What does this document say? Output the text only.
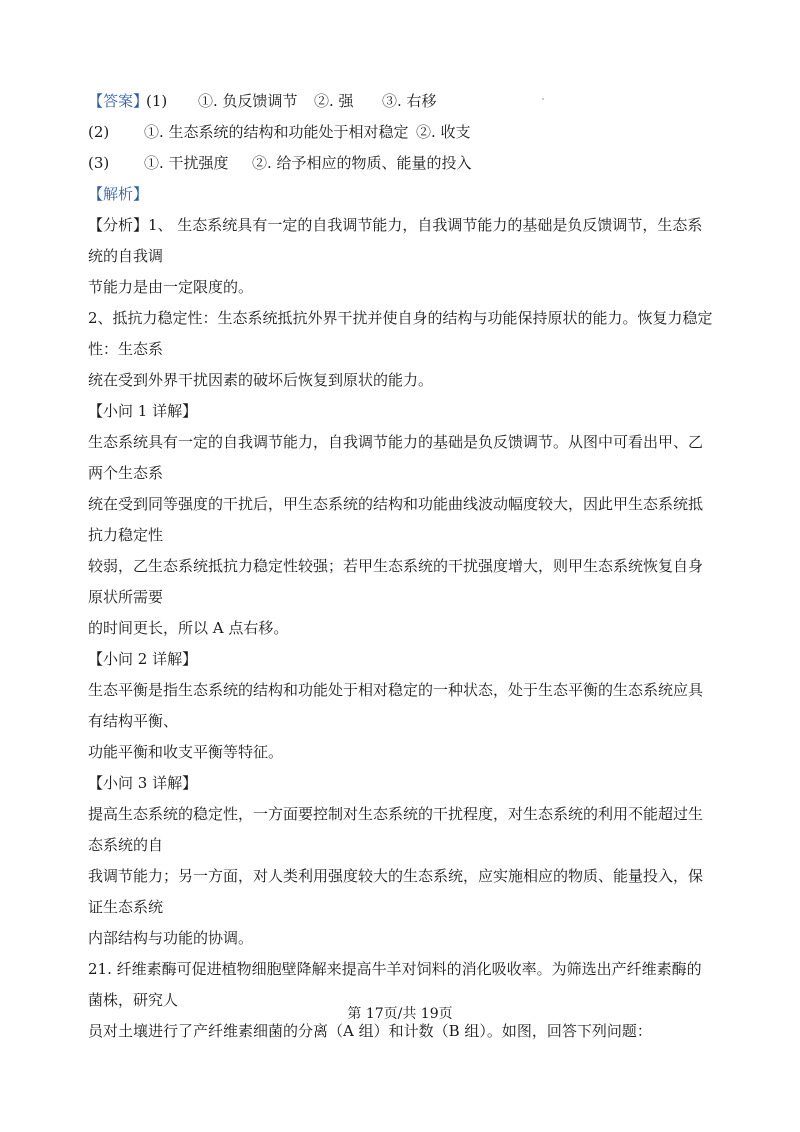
【答案】
(1) ①. 负反馈调节 ②. 强 ③. 右移
(2) ①. 生态系统的结构和功能处于相对稳定 ②. 收支
(3) ①. 干扰强度 ②. 给予相应的物质、能量的投入
【解析】

【分析】1、 生态系统具有一定的自我调节能力，自我调节能力的基础是负反馈调节，生态系统的自我调

节能力是由一定限度的。

2、抵抗力稳定性：生态系统抵抗外界干扰并使自身的结构与功能保持原状的能力。恢复力稳定性：生态系

统在受到外界干扰因素的破坏后恢复到原状的能力。

【小问 1 详解】

生态系统具有一定的自我调节能力，自我调节能力的基础是负反馈调节。从图中可看出甲、乙两个生态系

统在受到同等强度的干扰后，甲生态系统的结构和功能曲线波动幅度较大，因此甲生态系统抵抗力稳定性

较弱，乙生态系统抵抗力稳定性较强；若甲生态系统的干扰强度增大，则甲生态系统恢复自身原状所需要

的时间更长，所以 A 点右移。

【小问 2 详解】

生态平衡是指生态系统的结构和功能处于相对稳定的一种状态，处于生态平衡的生态系统应具有结构平衡、

功能平衡和收支平衡等特征。

【小问 3 详解】

提高生态系统的稳定性，一方面要控制对生态系统的干扰程度，对生态系统的利用不能超过生态系统的自

我调节能力；另一方面，对人类利用强度较大的生态系统，应实施相应的物质、能量投入，保证生态系统

内部结构与功能的协调。

21. 纤维素酶可促进植物细胞壁降解来提高牛羊对饲料的消化吸收率。为筛选出产纤维素酶的菌株，研究人

员对土壤进行了产纤维素细菌的分离（A 组）和计数（B 组）。如图，回答下列问题：

第 17页/共 19页
